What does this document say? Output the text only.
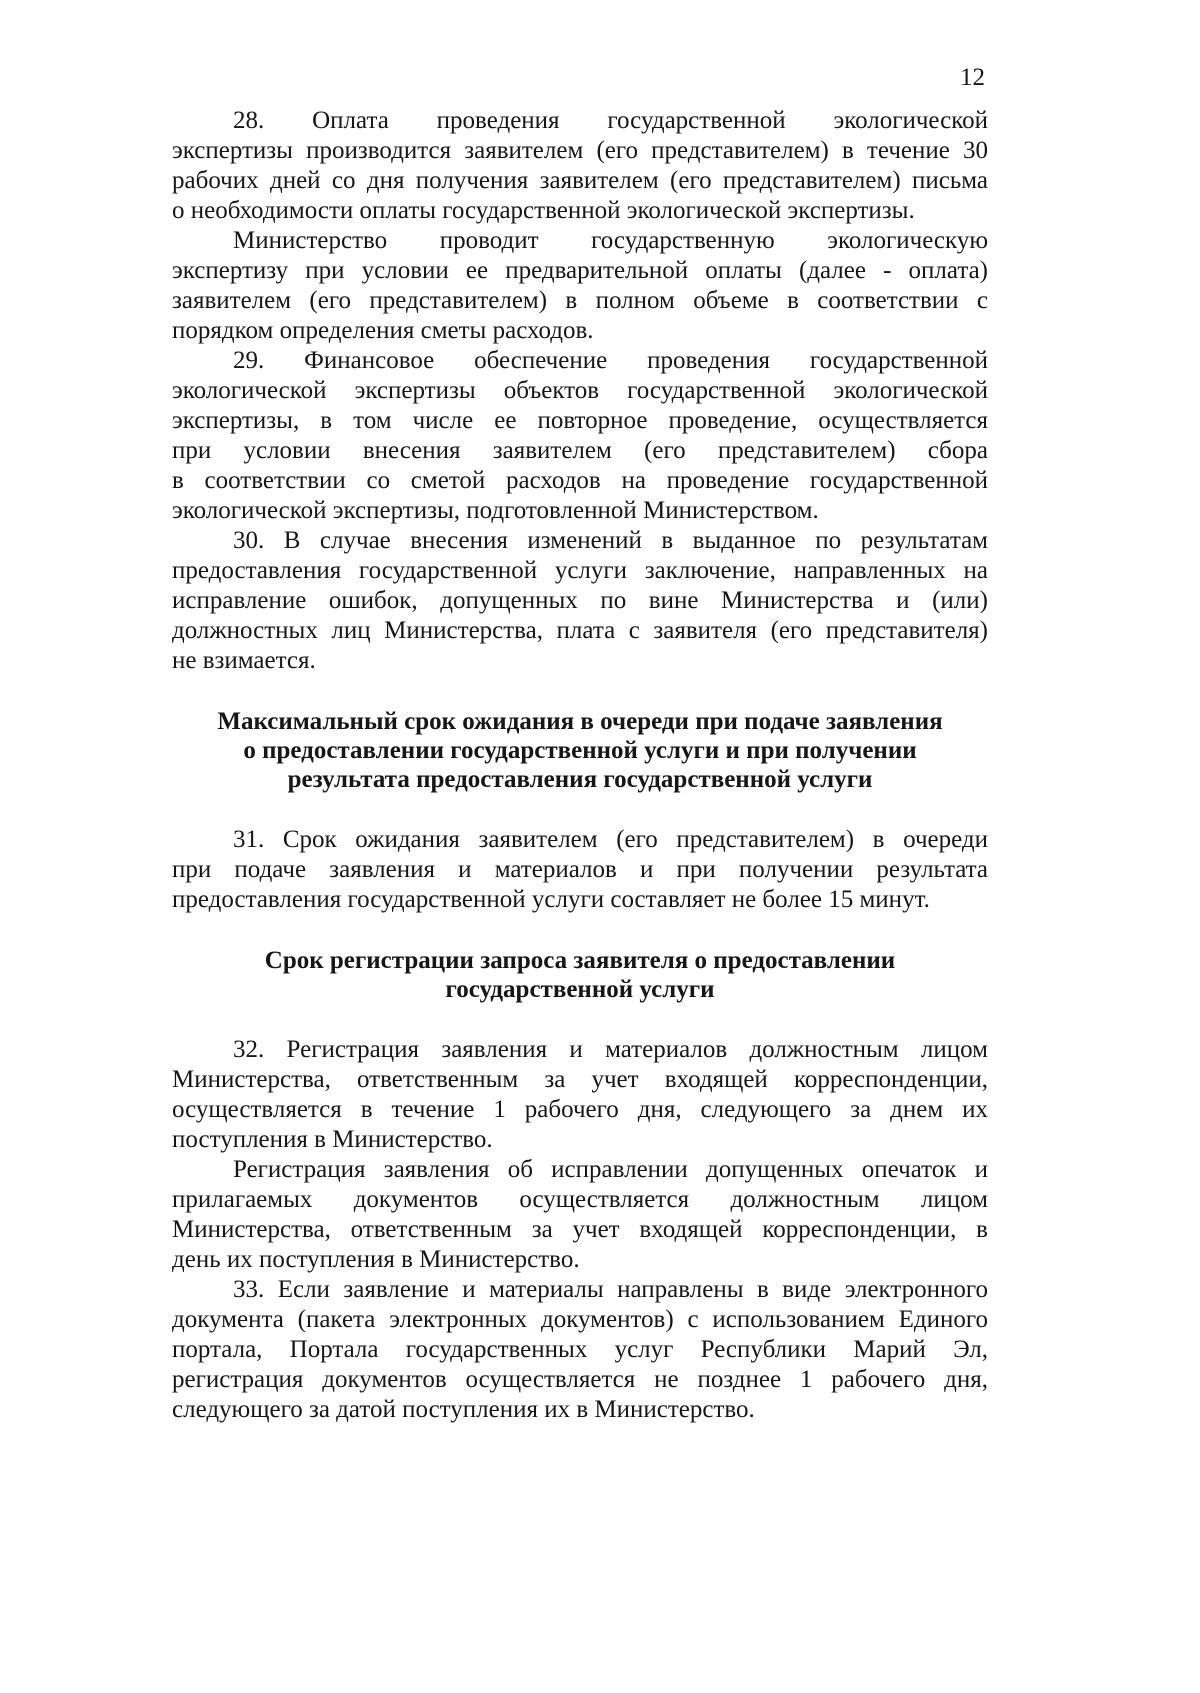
12
28. Оплата проведения государственной экологической
экспертизы производится заявителем (его представителем) в течение 30
рабочих дней со дня получения заявителем (его представителем) письма
о необходимости оплаты государственной экологической экспертизы.
Министерство проводит государственную экологическую
экспертизу при условии ее предварительной оплаты (далее - оплата)
заявителем (его представителем) в полном объеме в соответствии с
порядком определения сметы расходов.
29. Финансовое обеспечение проведения государственной
экологической экспертизы объектов государственной экологической
экспертизы, в том числе ее повторное проведение, осуществляется
при условии внесения заявителем (его представителем) сбора
в соответствии со сметой расходов на проведение государственной
экологической экспертизы, подготовленной Министерством.
30. В случае внесения изменений в выданное по результатам
предоставления государственной услуги заключение, направленных на
исправление ошибок, допущенных по вине Министерства и (или)
должностных лиц Министерства, плата с заявителя (его представителя)
не взимается.
Максимальный срок ожидания в очереди при подаче заявления
о предоставлении государственной услуги и при получении
результата предоставления государственной услуги
31. Срок ожидания заявителем (его представителем) в очереди
при подаче заявления и материалов и при получении результата
предоставления государственной услуги составляет не более 15 минут.
Срок регистрации запроса заявителя о предоставлении
государственной услуги
32. Регистрация заявления и материалов должностным лицом
Министерства, ответственным за учет входящей корреспонденции,
осуществляется в течение 1 рабочего дня, следующего за днем их
поступления в Министерство.
Регистрация заявления об исправлении допущенных опечаток и
прилагаемых документов осуществляется должностным лицом
Министерства, ответственным за учет входящей корреспонденции, в
день их поступления в Министерство.
33. Если заявление и материалы направлены в виде электронного
документа (пакета электронных документов) с использованием Единого
портала, Портала государственных услуг Республики Марий Эл,
регистрация документов осуществляется не позднее 1 рабочего дня,
следующего за датой поступления их в Министерство.
